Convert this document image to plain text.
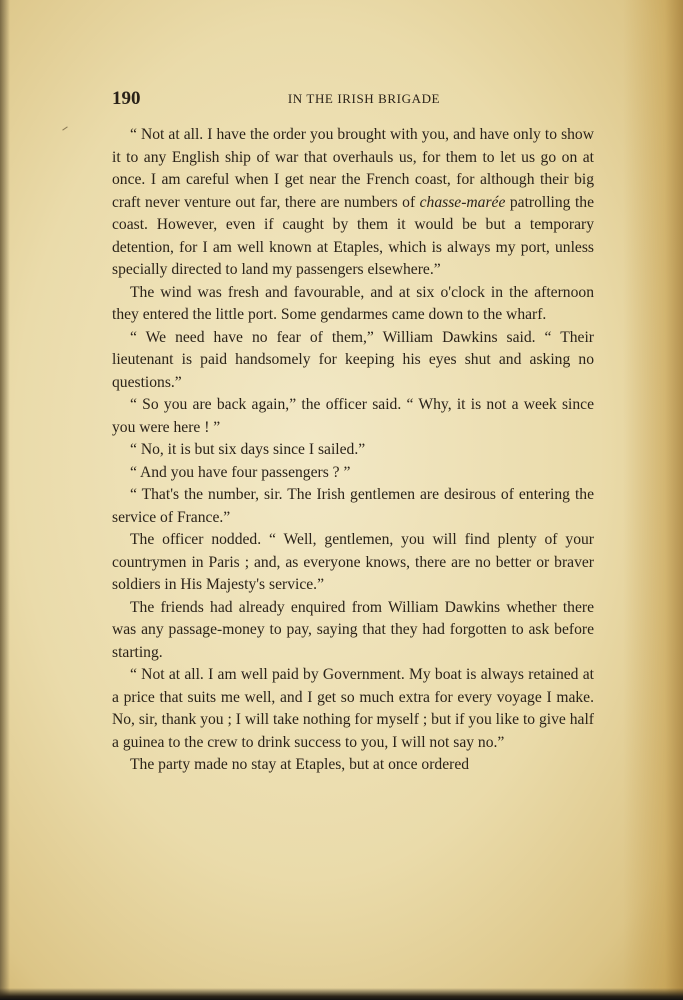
190	IN THE IRISH BRIGADE

“ Not at all. I have the order you brought with you, and have only to show it to any English ship of war that overhauls us, for them to let us go on at once. I am careful when I get near the French coast, for although their big craft never venture out far, there are numbers of chasse-marée patrolling the coast. However, even if caught by them it would be but a temporary detention, for I am well known at Etaples, which is always my port, unless specially directed to land my passengers elsewhere.”

The wind was fresh and favourable, and at six o'clock in the afternoon they entered the little port. Some gendarmes came down to the wharf.

“ We need have no fear of them,” William Dawkins said. “ Their lieutenant is paid handsomely for keeping his eyes shut and asking no questions.”

“ So you are back again,” the officer said. “ Why, it is not a week since you were here ! ”

“ No, it is but six days since I sailed.”

“ And you have four passengers ? ”

“ That's the number, sir. The Irish gentlemen are desirous of entering the service of France.”

The officer nodded. “ Well, gentlemen, you will find plenty of your countrymen in Paris ; and, as everyone knows, there are no better or braver soldiers in His Majesty's service.”

The friends had already enquired from William Dawkins whether there was any passage-money to pay, saying that they had forgotten to ask before starting.

“ Not at all. I am well paid by Government. My boat is always retained at a price that suits me well, and I get so much extra for every voyage I make. No, sir, thank you ; I will take nothing for myself ; but if you like to give half a guinea to the crew to drink success to you, I will not say no.”

The party made no stay at Etaples, but at once ordered
